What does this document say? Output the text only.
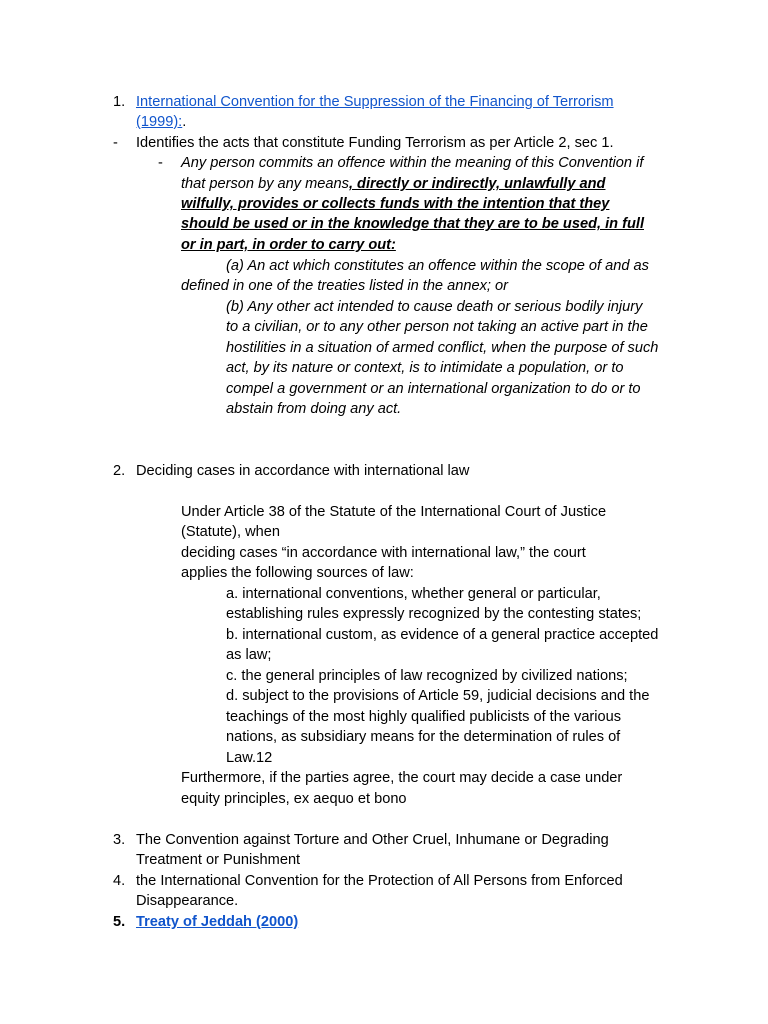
1. International Convention for the Suppression of the Financing of Terrorism
(1999):.
- Identifies the acts that constitute Funding Terrorism as per Article 2, sec 1.
- Any person commits an offence within the meaning of this Convention if
that person by any means, directly or indirectly, unlawfully and
wilfully, provides or collects funds with the intention that they
should be used or in the knowledge that they are to be used, in full
or in part, in order to carry out:
(a) An act which constitutes an offence within the scope of and as
defined in one of the treaties listed in the annex; or
(b) Any other act intended to cause death or serious bodily injury
to a civilian, or to any other person not taking an active part in the
hostilities in a situation of armed conflict, when the purpose of such
act, by its nature or context, is to intimidate a population, or to
compel a government or an international organization to do or to
abstain from doing any act.
2. Deciding cases in accordance with international law
Under Article 38 of the Statute of the International Court of Justice
(Statute), when
deciding cases “in accordance with international law,” the court
applies the following sources of law:
a. international conventions, whether general or particular,
establishing rules expressly recognized by the contesting states;
b. international custom, as evidence of a general practice accepted
as law;
c. the general principles of law recognized by civilized nations;
d. subject to the provisions of Article 59, judicial decisions and the
teachings of the most highly qualified publicists of the various
nations, as subsidiary means for the determination of rules of
Law.12
Furthermore, if the parties agree, the court may decide a case under
equity principles, ex aequo et bono
3. The Convention against Torture and Other Cruel, Inhumane or Degrading
Treatment or Punishment
4. the International Convention for the Protection of All Persons from Enforced
Disappearance.
5. Treaty of Jeddah (2000)
